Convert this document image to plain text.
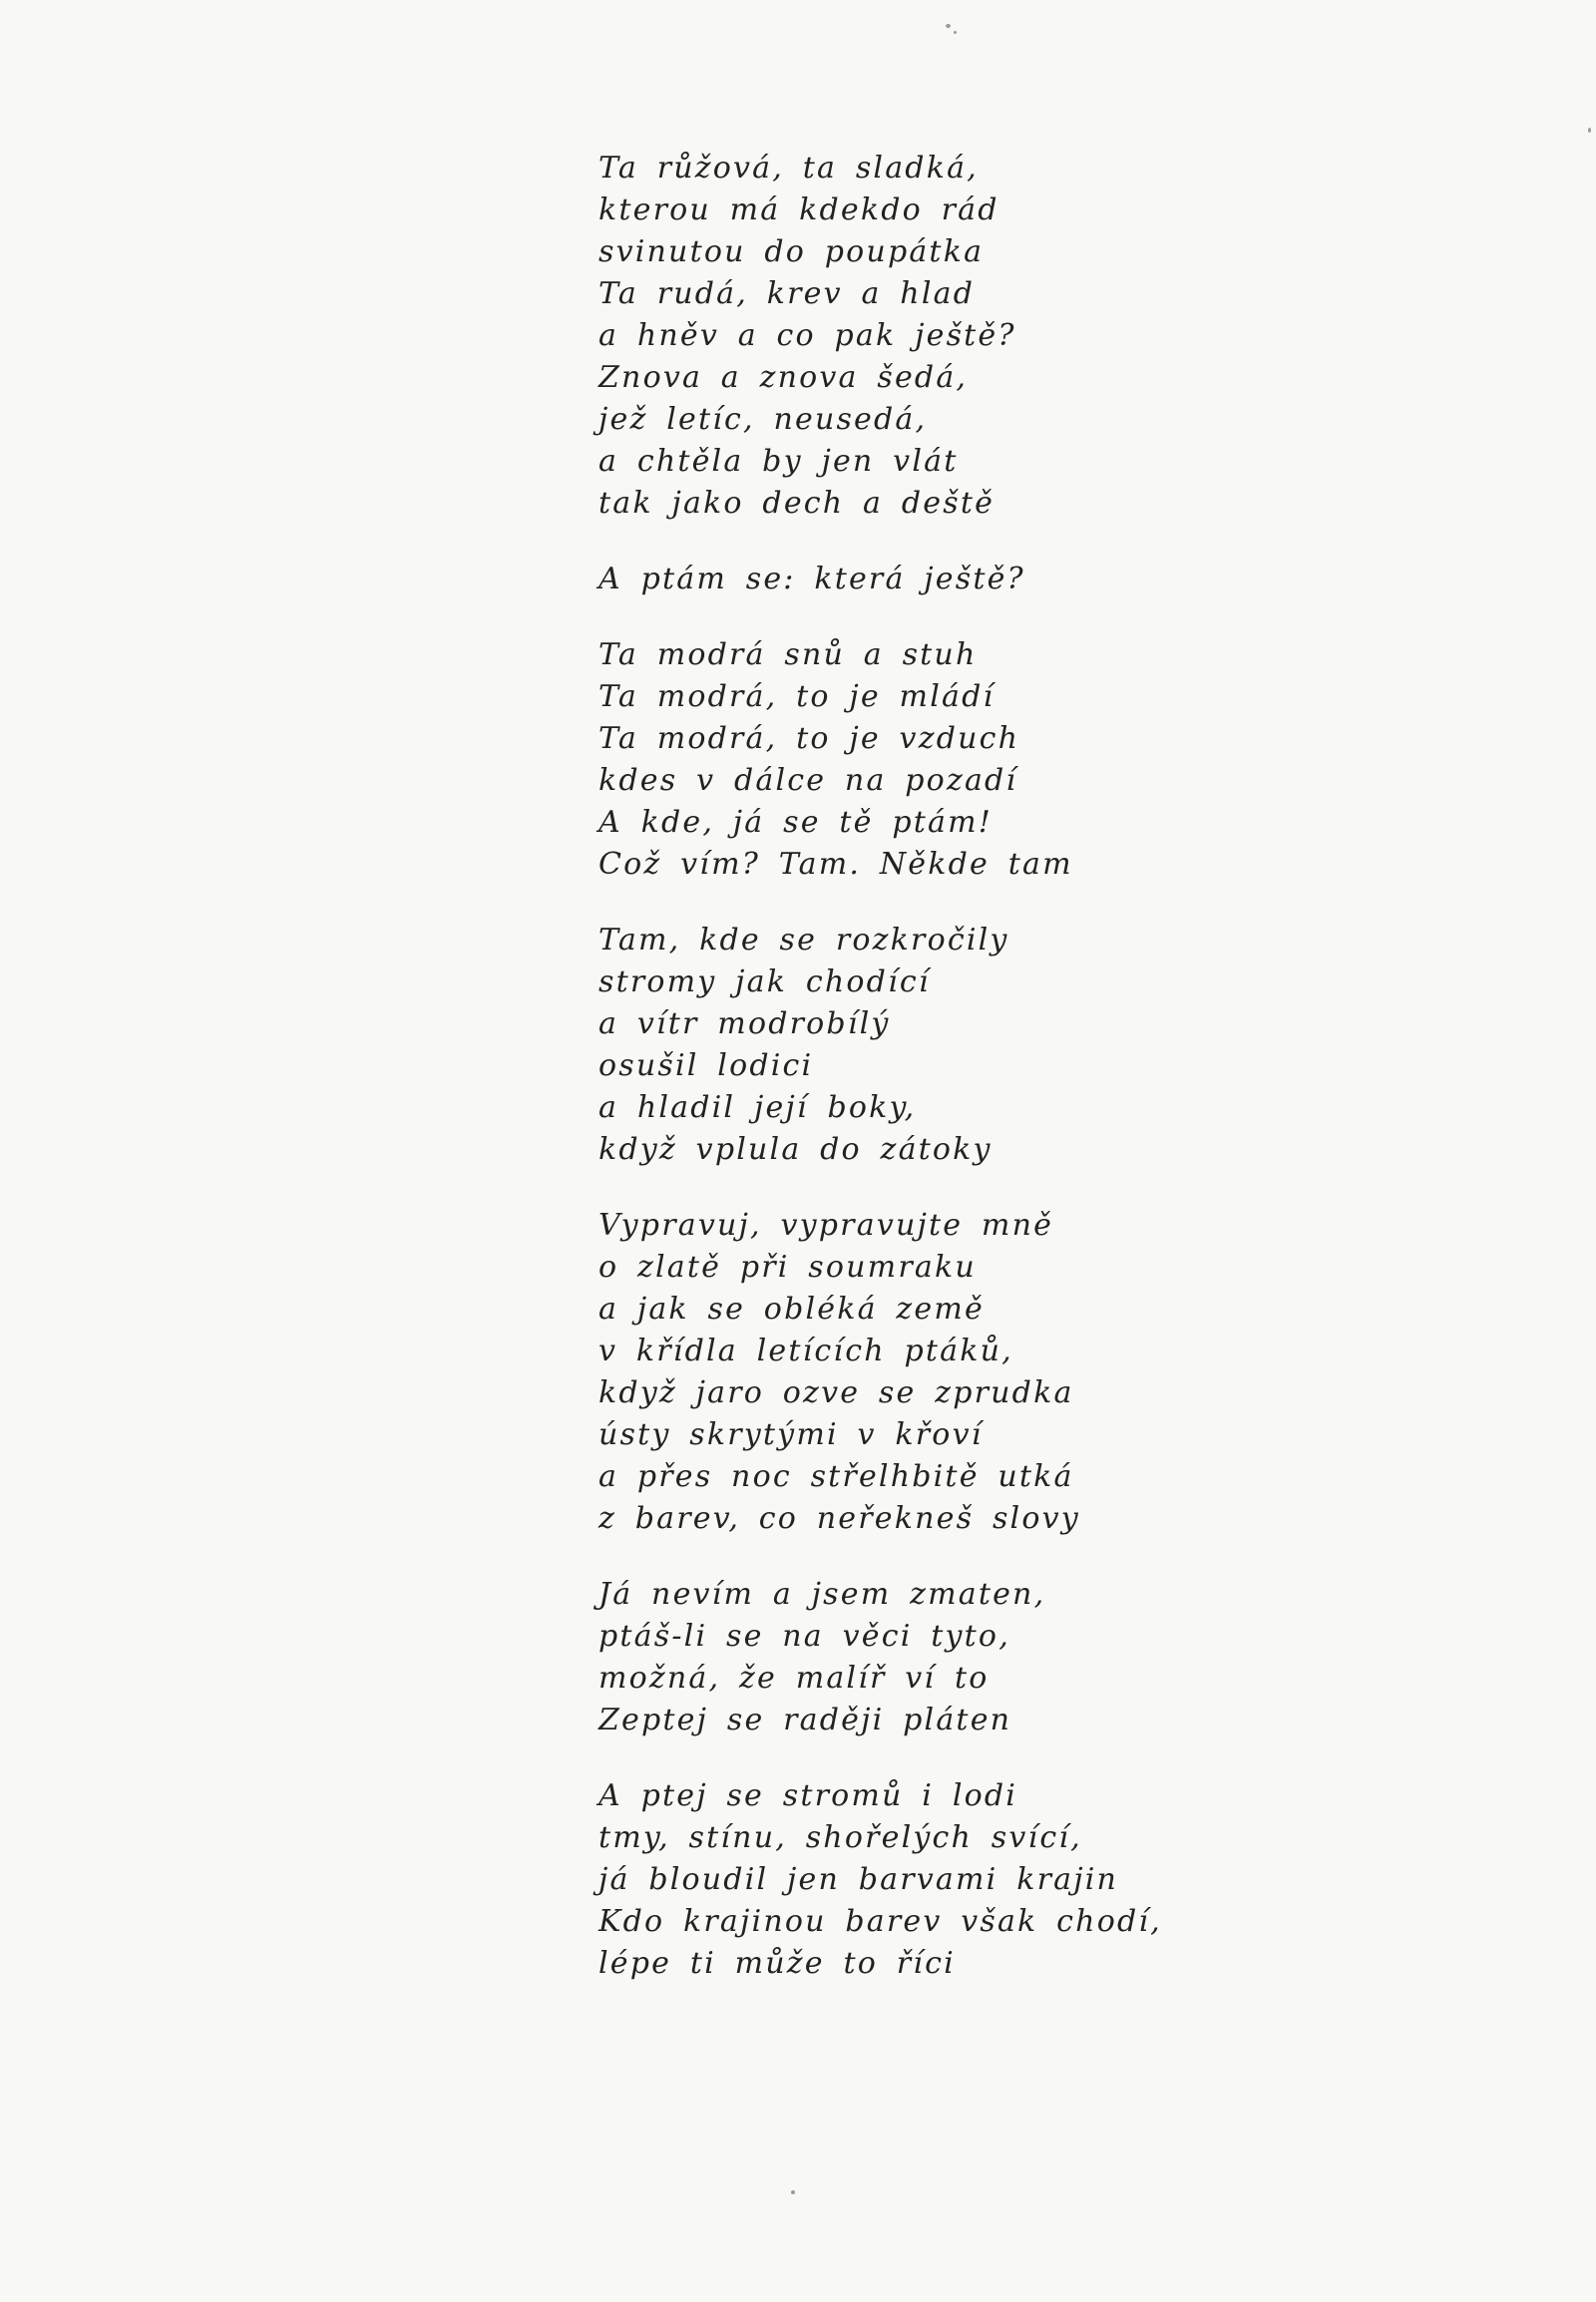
Ta růžová, ta sladká,
kterou má kdekdo rád
svinutou do poupátka
Ta rudá, krev a hlad
a hněv a co pak ještě?
Znova a znova šedá,
jež letíc, neusedá,
a chtěla by jen vlát
tak jako dech a deště
A ptám se: která ještě?
Ta modrá snů a stuh
Ta modrá, to je mládí
Ta modrá, to je vzduch
kdes v dálce na pozadí
A kde, já se tě ptám!
Což vím? Tam. Někde tam
Tam, kde se rozkročily
stromy jak chodící
a vítr modrobílý
osušil lodici
a hladil její boky,
když vplula do zátoky
Vypravuj, vypravujte mně
o zlatě při soumraku
a jak se obléká země
v křídla letících ptáků,
když jaro ozve se zprudka
ústy skrytými v křoví
a přes noc střelhbitě utká
z barev, co neřekneš slovy
Já nevím a jsem zmaten,
ptáš-li se na věci tyto,
možná, že malíř ví to
Zeptej se raději pláten
A ptej se stromů i lodi
tmy, stínu, shořelých svící,
já bloudil jen barvami krajin
Kdo krajinou barev však chodí,
lépe ti může to říci
